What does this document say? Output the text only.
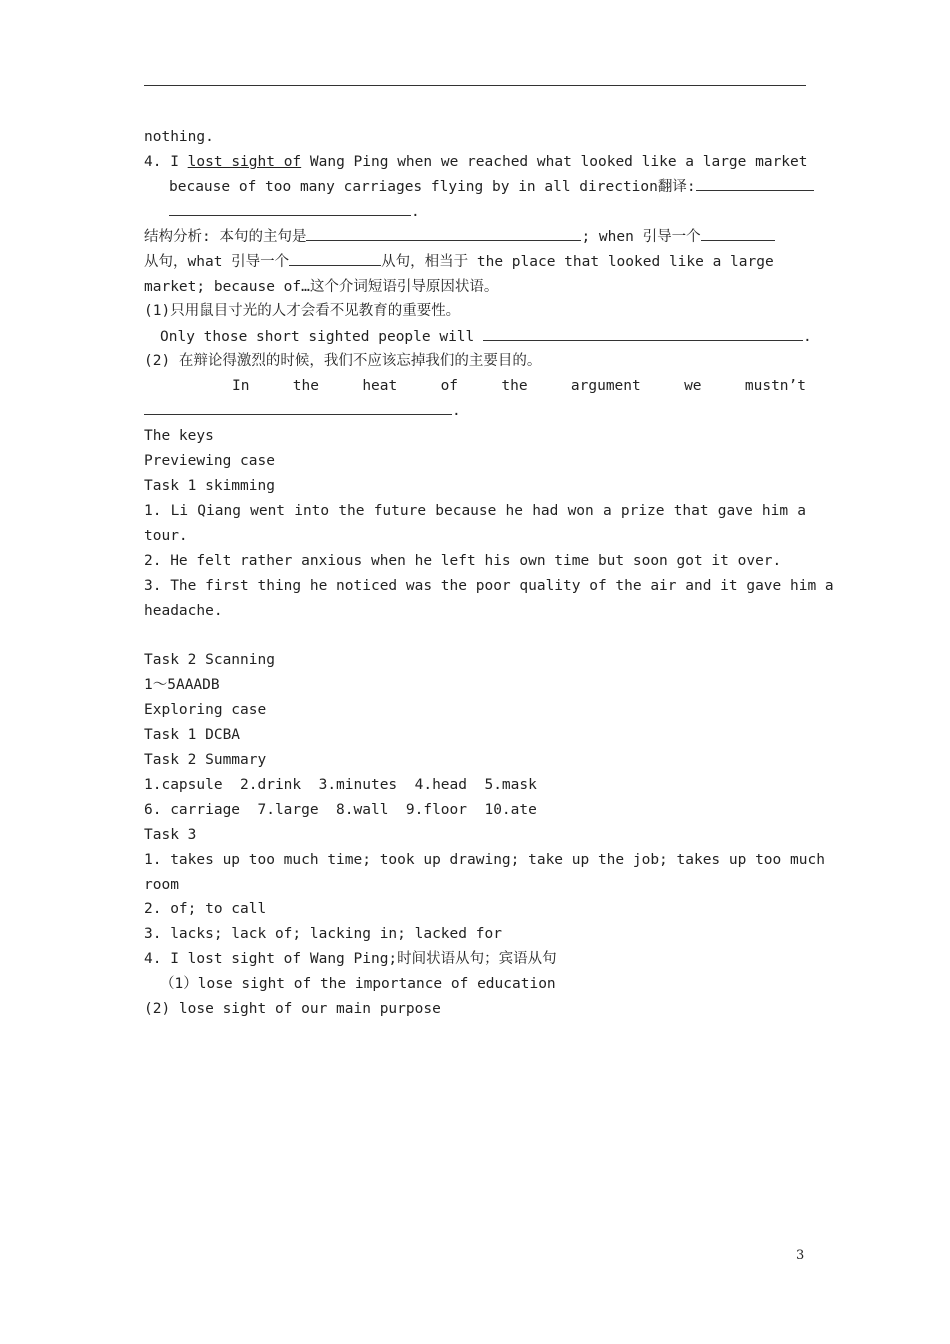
nothing.
4. I lost sight of Wang Ping when we reached what looked like a large market
because of too many carriages flying by in all direction翻译:
.
结构分析: 本句的主句是	; when 引导一个
从句，what 引导一个	从句，相当于 the place that looked like a large
market; because of…这个介词短语引导原因状语。
(1)只用鼠目寸光的人才会看不见教育的重要性。
Only those short sighted people will	.
(2) 在辩论得激烈的时候，我们不应该忘掉我们的主要目的。
In	the	heat	of	the	argument	we	mustn’t
.
The keys
Previewing case
Task 1 skimming
1. Li Qiang went into the future because he had won a prize that gave him a
tour.
2. He felt rather anxious when he left his own time but soon got it over.
3. The first thing he noticed was the poor quality of the air and it gave him a
headache.
Task 2 Scanning
1～5AAADB
Exploring case
Task 1 DCBA
Task 2 Summary
1.capsule  2.drink  3.minutes  4.head  5.mask
6. carriage  7.large  8.wall  9.floor  10.ate
Task 3
1. takes up too much time; took up drawing; take up the job; takes up too much
room
2. of; to call
3. lacks; lack of; lacking in; lacked for
4. I lost sight of Wang Ping;时间状语从句；宾语从句
（1）lose sight of the importance of education
(2) lose sight of our main purpose
3
